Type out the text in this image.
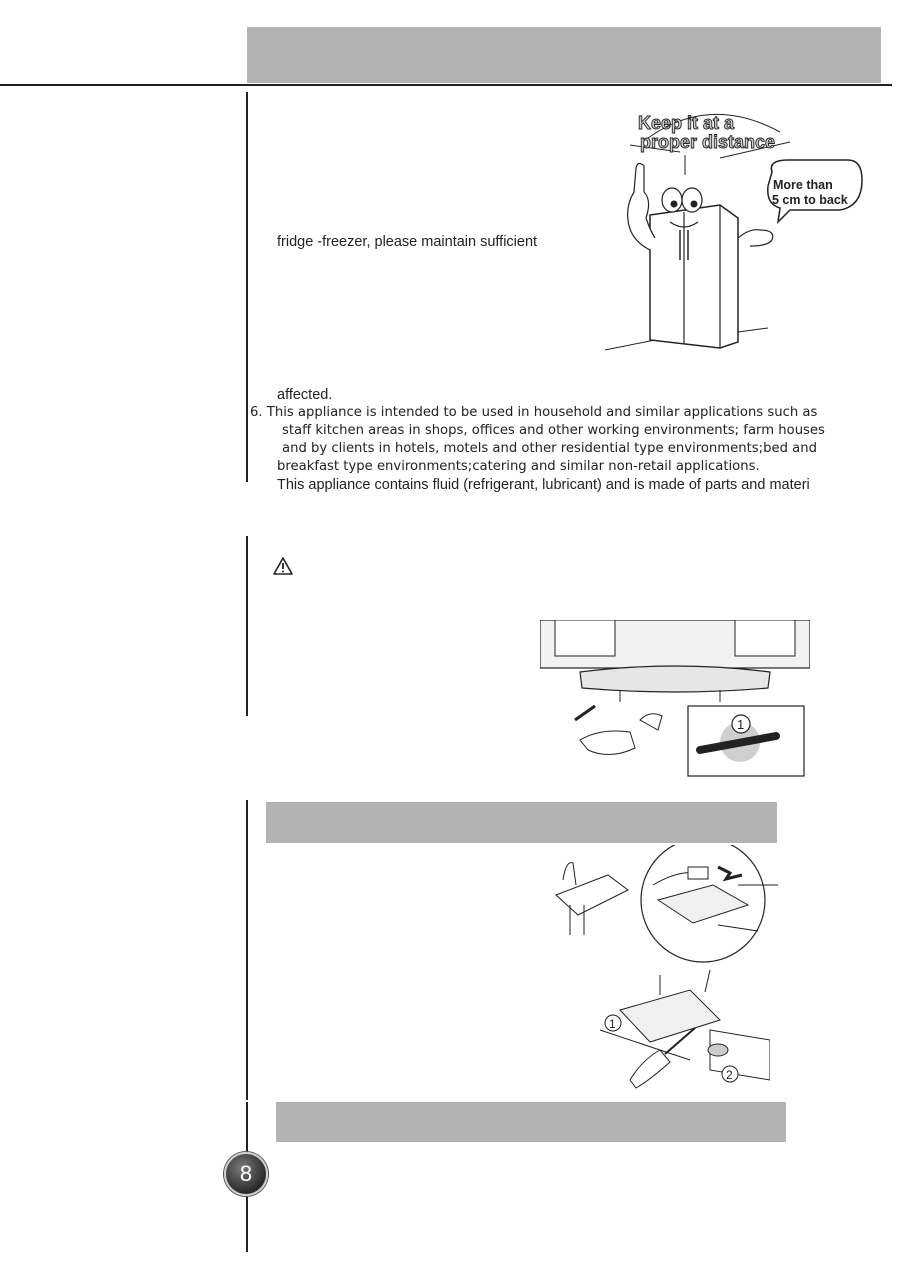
fridge -freezer, please maintain sufficient
affected.
6. This appliance is intended to be used in household and similar applications such as
staff kitchen areas in shops, offices and other working environments; farm houses
and by clients in hotels, motels and other residential type environments;bed and
breakfast type environments;catering and similar non-retail applications.
This appliance contains fluid (refrigerant, lubricant) and is made of parts and materi
Keep it at a
proper distance
More than
5 cm to back
1
1
2
8
